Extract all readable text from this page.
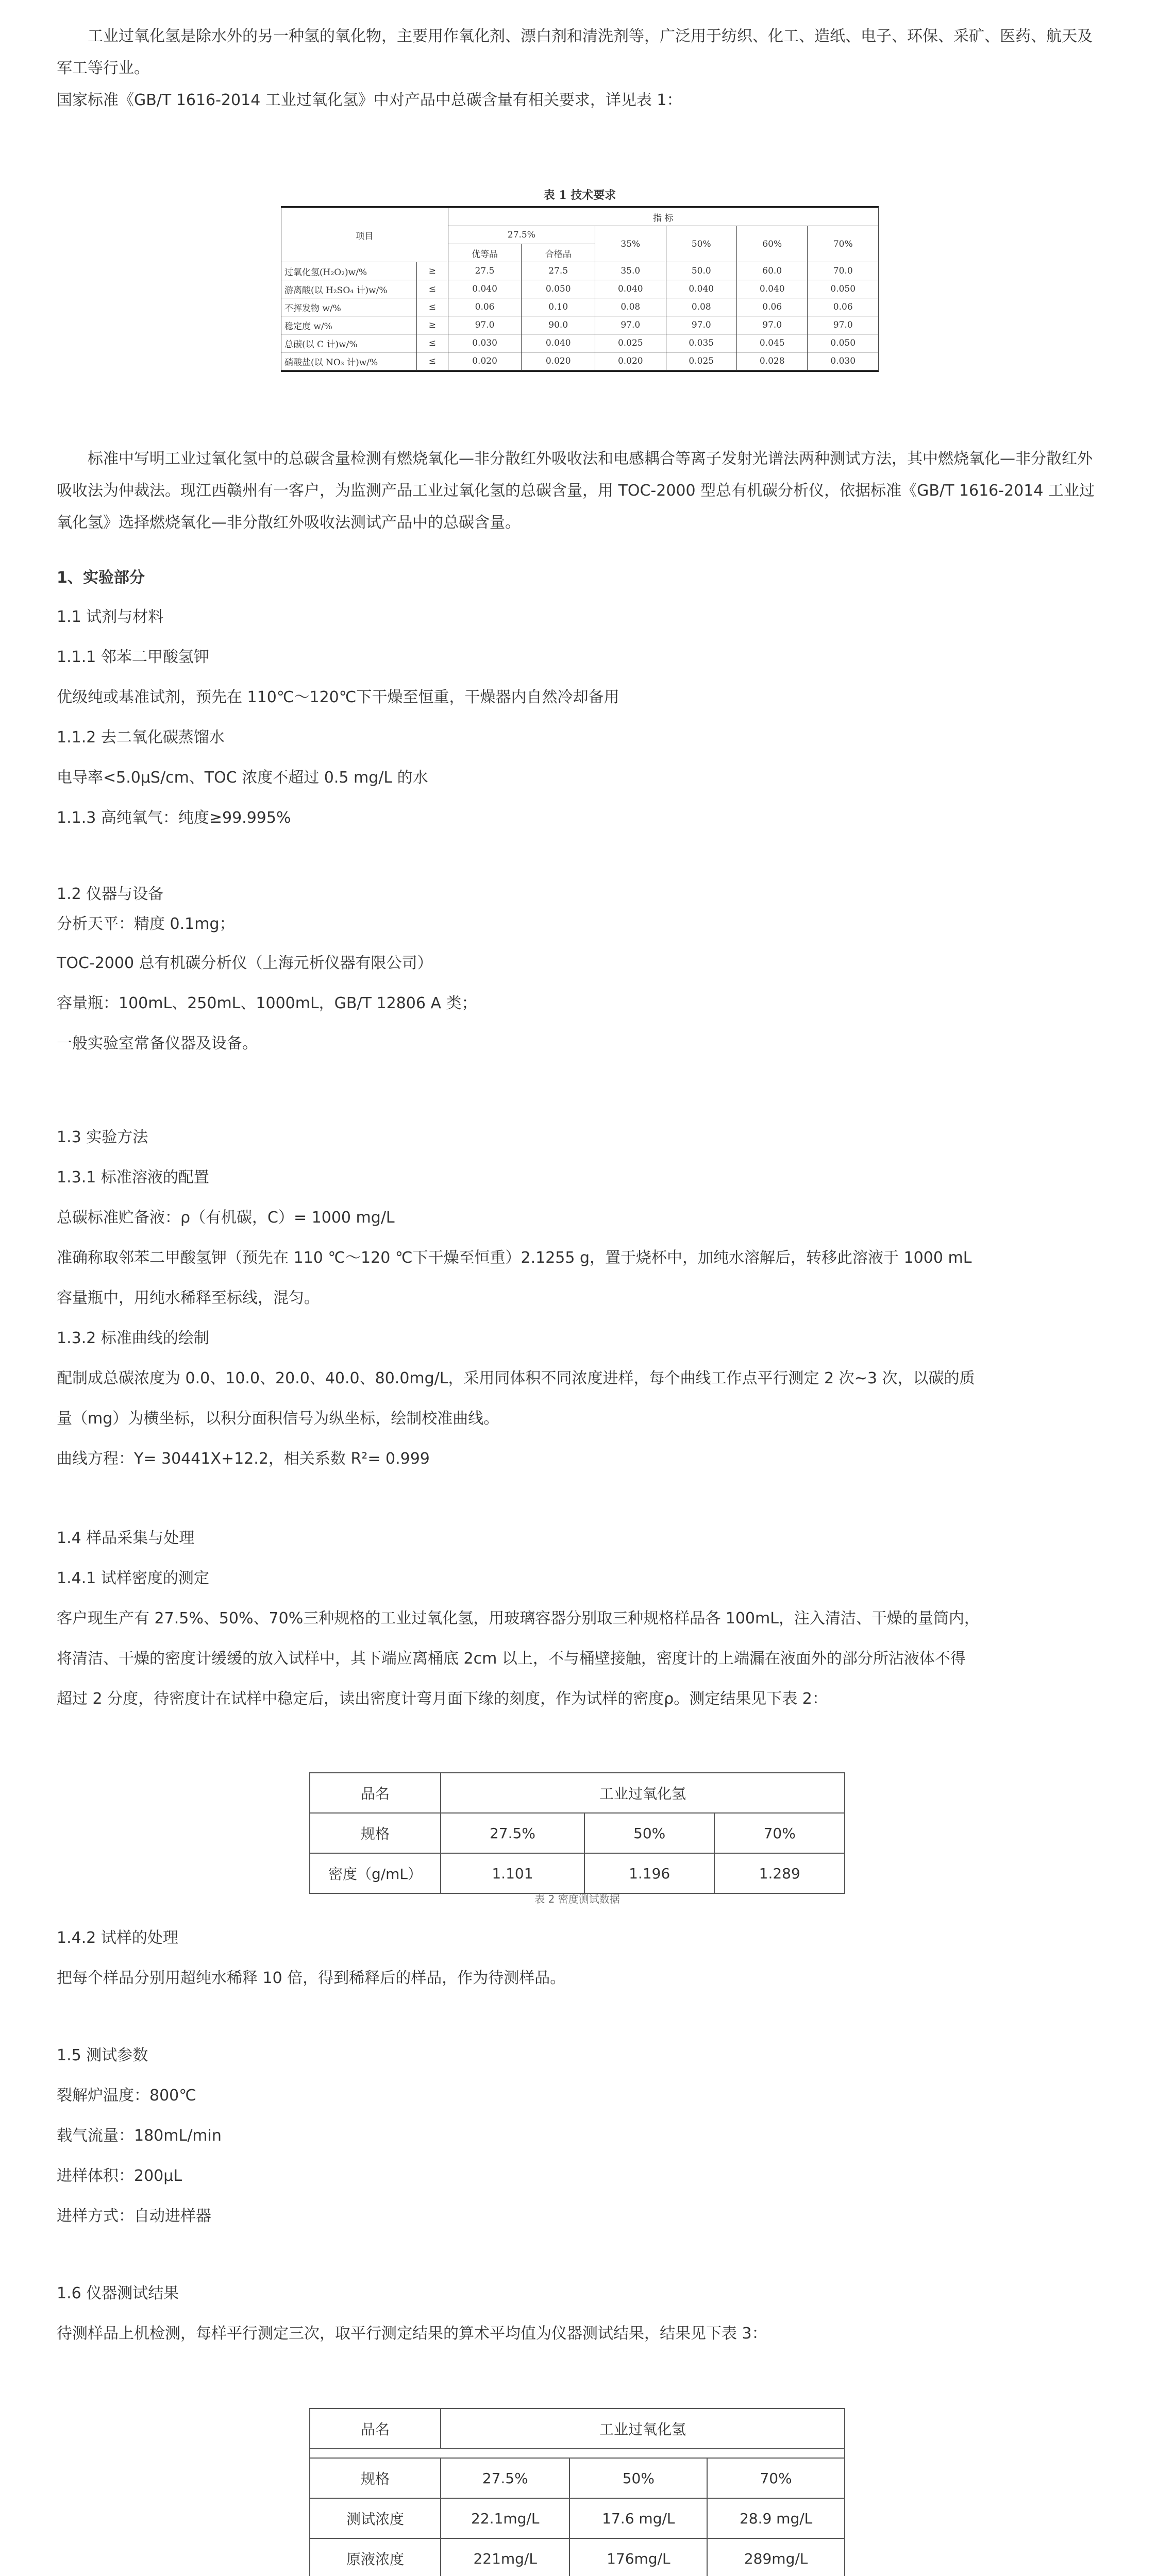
工业过氧化氢是除水外的另一种氢的氧化物，主要用作氧化剂、漂白剂和清洗剂等，广泛用于纺织、化工、造纸、电子、环保、采矿、医药、航天及军工等行业。

国家标准《GB/T 1616-2014 工业过氧化氢》中对产品中总碳含量有相关要求，详见表 1：

表 1 技术要求
项目		指 标					
		27.5%		35%	50%	60%	70%
		优等品	合格品				
过氧化氢(H₂O₂)w/%	≥	27.5	27.5	35.0	50.0	60.0	70.0
游离酸(以 H₂SO₄ 计)w/%	≤	0.040	0.050	0.040	0.040	0.040	0.050
不挥发物 w/%	≤	0.06	0.10	0.08	0.08	0.06	0.06
稳定度 w/%	≥	97.0	90.0	97.0	97.0	97.0	97.0
总碳(以 C 计)w/%	≤	0.030	0.040	0.025	0.035	0.045	0.050
硝酸盐(以 NO₃ 计)w/%	≤	0.020	0.020	0.020	0.025	0.028	0.030

标准中写明工业过氧化氢中的总碳含量检测有燃烧氧化—非分散红外吸收法和电感耦合等离子发射光谱法两种测试方法，其中燃烧氧化—非分散红外吸收法为仲裁法。现江西赣州有一客户，为监测产品工业过氧化氢的总碳含量，用 TOC-2000 型总有机碳分析仪，依据标准《GB/T 1616-2014 工业过氧化氢》选择燃烧氧化—非分散红外吸收法测试产品中的总碳含量。

1、实验部分

1.1 试剂与材料

1.1.1 邻苯二甲酸氢钾

优级纯或基准试剂，预先在 110℃～120℃下干燥至恒重，干燥器内自然冷却备用

1.1.2 去二氧化碳蒸馏水

电导率<5.0μS/cm、TOC 浓度不超过 0.5 mg/L 的水

1.1.3 高纯氧气：纯度≥99.995%

1.2 仪器与设备

分析天平：精度 0.1mg；

TOC-2000 总有机碳分析仪（上海元析仪器有限公司）

容量瓶：100mL、250mL、1000mL，GB/T 12806 A 类；

一般实验室常备仪器及设备。

1.3 实验方法

1.3.1 标准溶液的配置

总碳标准贮备液：ρ（有机碳，C）= 1000 mg/L

准确称取邻苯二甲酸氢钾（预先在 110 ℃～120 ℃下干燥至恒重）2.1255 g，置于烧杯中，加纯水溶解后，转移此溶液于 1000 mL

容量瓶中，用纯水稀释至标线，混匀。

1.3.2 标准曲线的绘制

配制成总碳浓度为 0.0、10.0、20.0、40.0、80.0mg/L，采用同体积不同浓度进样，每个曲线工作点平行测定 2 次~3 次，以碳的质

量（mg）为横坐标，以积分面积信号为纵坐标，绘制校准曲线。

曲线方程：Y= 30441X+12.2，相关系数 R²= 0.999

1.4 样品采集与处理

1.4.1 试样密度的测定

客户现生产有 27.5%、50%、70%三种规格的工业过氧化氢，用玻璃容器分别取三种规格样品各 100mL，注入清洁、干燥的量筒内，

将清洁、干燥的密度计缓缓的放入试样中，其下端应离桶底 2cm 以上，不与桶壁接触，密度计的上端漏在液面外的部分所沾液体不得

超过 2 分度，待密度计在试样中稳定后，读出密度计弯月面下缘的刻度，作为试样的密度ρ。测定结果见下表 2：

品名	工业过氧化氢		
规格	27.5%	50%	70%
密度（g/mL）	1.101	1.196	1.289
表 2 密度测试数据

1.4.2 试样的处理

把每个样品分别用超纯水稀释 10 倍，得到稀释后的样品，作为待测样品。

1.5 测试参数

裂解炉温度：800℃

载气流量：180mL/min

进样体积：200μL

进样方式：自动进样器

1.6 仪器测试结果

待测样品上机检测，每样平行测定三次，取平行测定结果的算术平均值为仪器测试结果，结果见下表 3：

品名	工业过氧化氢		

规格	27.5%	50%	70%
测试浓度	22.1mg/L	17.6 mg/L	28.9 mg/L
原液浓度	221mg/L	176mg/L	289mg/L
